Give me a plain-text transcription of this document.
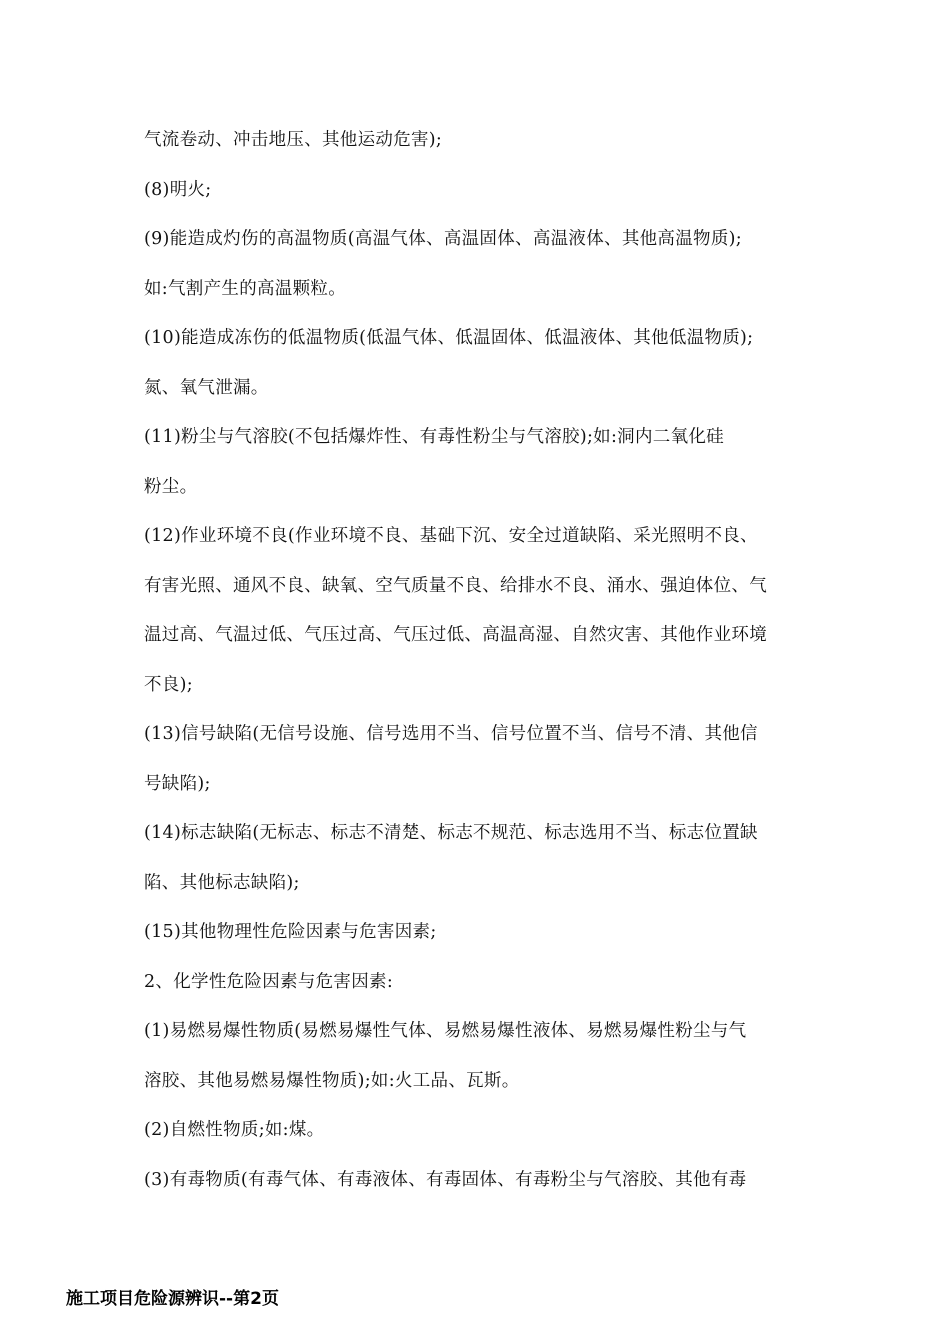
气流卷动、冲击地压、其他运动危害);
(8)明火;
(9)能造成灼伤的高温物质(高温气体、高温固体、高温液体、其他高温物质);
如:气割产生的高温颗粒。
(10)能造成冻伤的低温物质(低温气体、低温固体、低温液体、其他低温物质);
氮、氧气泄漏。
(11)粉尘与气溶胶(不包括爆炸性、有毒性粉尘与气溶胶);如:洞内二氧化硅
粉尘。
(12)作业环境不良(作业环境不良、基础下沉、安全过道缺陷、采光照明不良、
有害光照、通风不良、缺氧、空气质量不良、给排水不良、涌水、强迫体位、气
温过高、气温过低、气压过高、气压过低、高温高湿、自然灾害、其他作业环境
不良);
(13)信号缺陷(无信号设施、信号选用不当、信号位置不当、信号不清、其他信
号缺陷);
(14)标志缺陷(无标志、标志不清楚、标志不规范、标志选用不当、标志位置缺
陷、其他标志缺陷);
(15)其他物理性危险因素与危害因素;
2、化学性危险因素与危害因素:
(1)易燃易爆性物质(易燃易爆性气体、易燃易爆性液体、易燃易爆性粉尘与气
溶胶、其他易燃易爆性物质);如:火工品、瓦斯。
(2)自燃性物质;如:煤。
(3)有毒物质(有毒气体、有毒液体、有毒固体、有毒粉尘与气溶胶、其他有毒
施工项目危险源辨识--第2页
